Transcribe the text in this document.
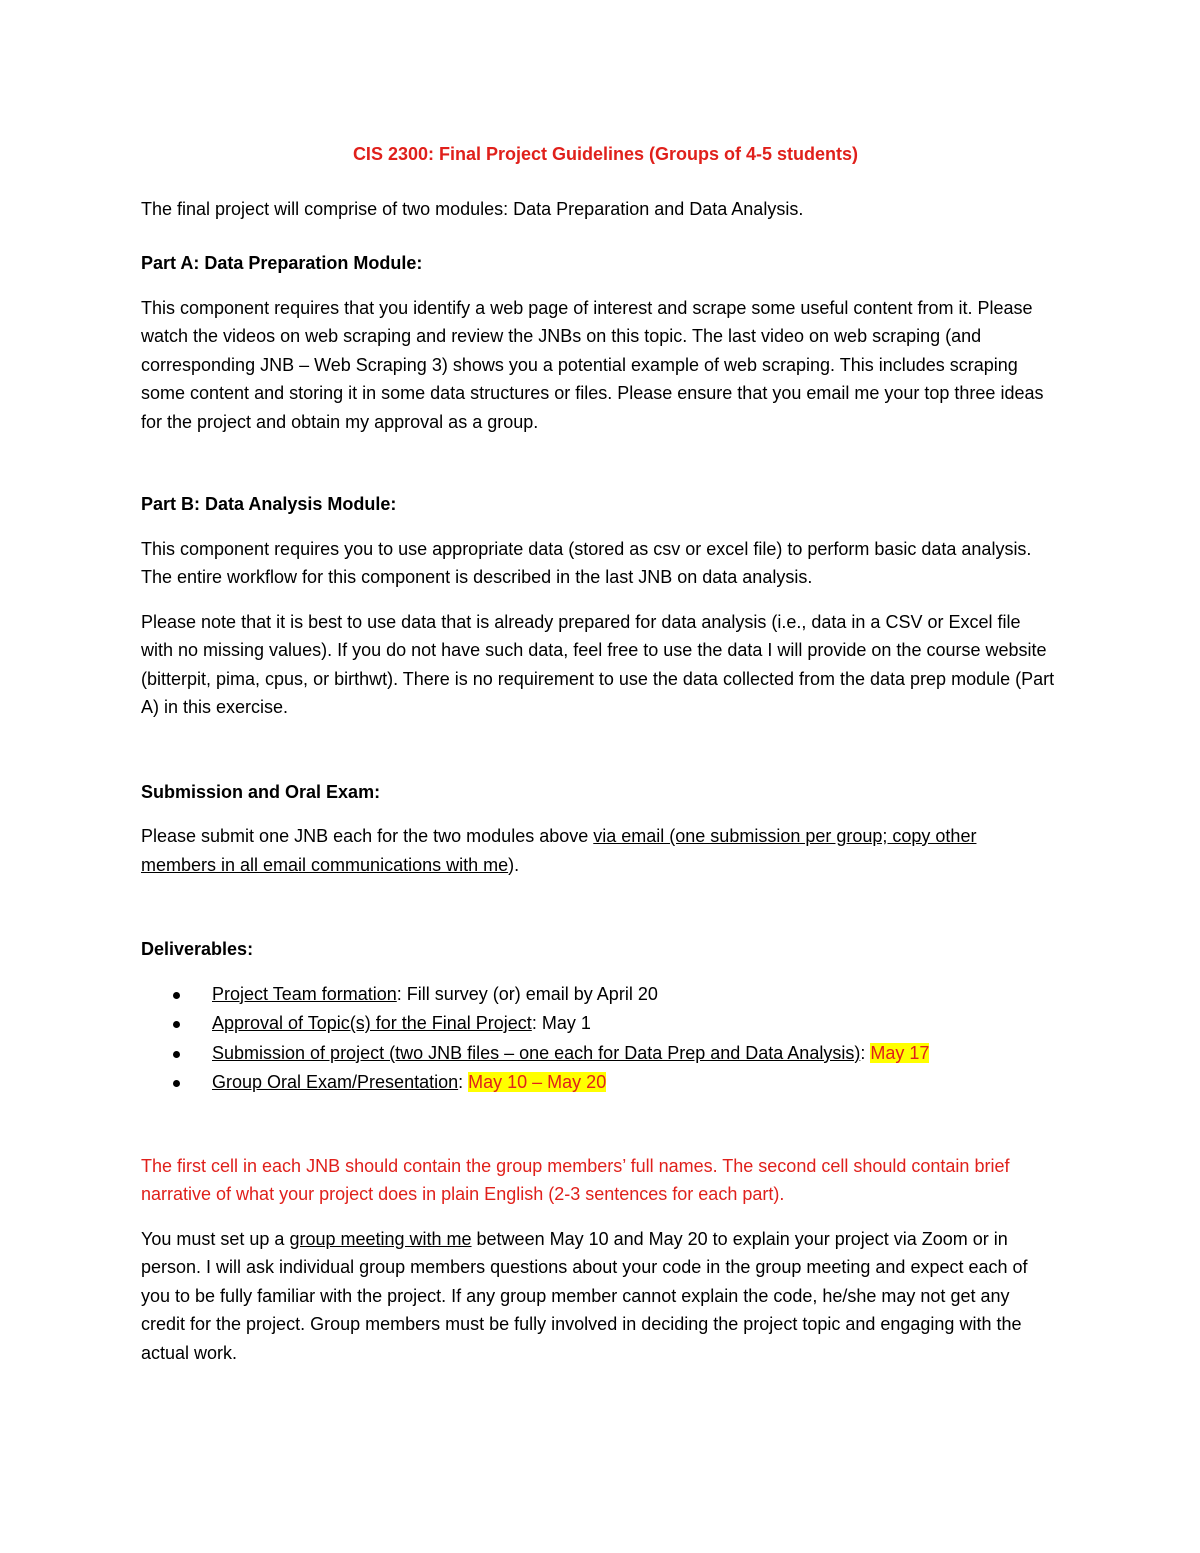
CIS 2300: Final Project Guidelines (Groups of 4-5 students)

The final project will comprise of two modules: Data Preparation and Data Analysis.

Part A: Data Preparation Module:

This component requires that you identify a web page of interest and scrape some useful content from it. Please watch the videos on web scraping and review the JNBs on this topic. The last video on web scraping (and corresponding JNB – Web Scraping 3) shows you a potential example of web scraping. This includes scraping some content and storing it in some data structures or files. Please ensure that you email me your top three ideas for the project and obtain my approval as a group.

Part B: Data Analysis Module:

This component requires you to use appropriate data (stored as csv or excel file) to perform basic data analysis. The entire workflow for this component is described in the last JNB on data analysis.

Please note that it is best to use data that is already prepared for data analysis (i.e., data in a CSV or Excel file with no missing values). If you do not have such data, feel free to use the data I will provide on the course website (bitterpit, pima, cpus, or birthwt). There is no requirement to use the data collected from the data prep module (Part A) in this exercise.

Submission and Oral Exam:

Please submit one JNB each for the two modules above via email (one submission per group; copy other members in all email communications with me).

Deliverables:

Project Team formation: Fill survey (or) email by April 20
Approval of Topic(s) for the Final Project: May 1
Submission of project (two JNB files – one each for Data Prep and Data Analysis): May 17
Group Oral Exam/Presentation: May 10 – May 20

The first cell in each JNB should contain the group members’ full names. The second cell should contain brief narrative of what your project does in plain English (2-3 sentences for each part).

You must set up a group meeting with me between May 10 and May 20 to explain your project via Zoom or in person. I will ask individual group members questions about your code in the group meeting and expect each of you to be fully familiar with the project. If any group member cannot explain the code, he/she may not get any credit for the project. Group members must be fully involved in deciding the project topic and engaging with the actual work.
